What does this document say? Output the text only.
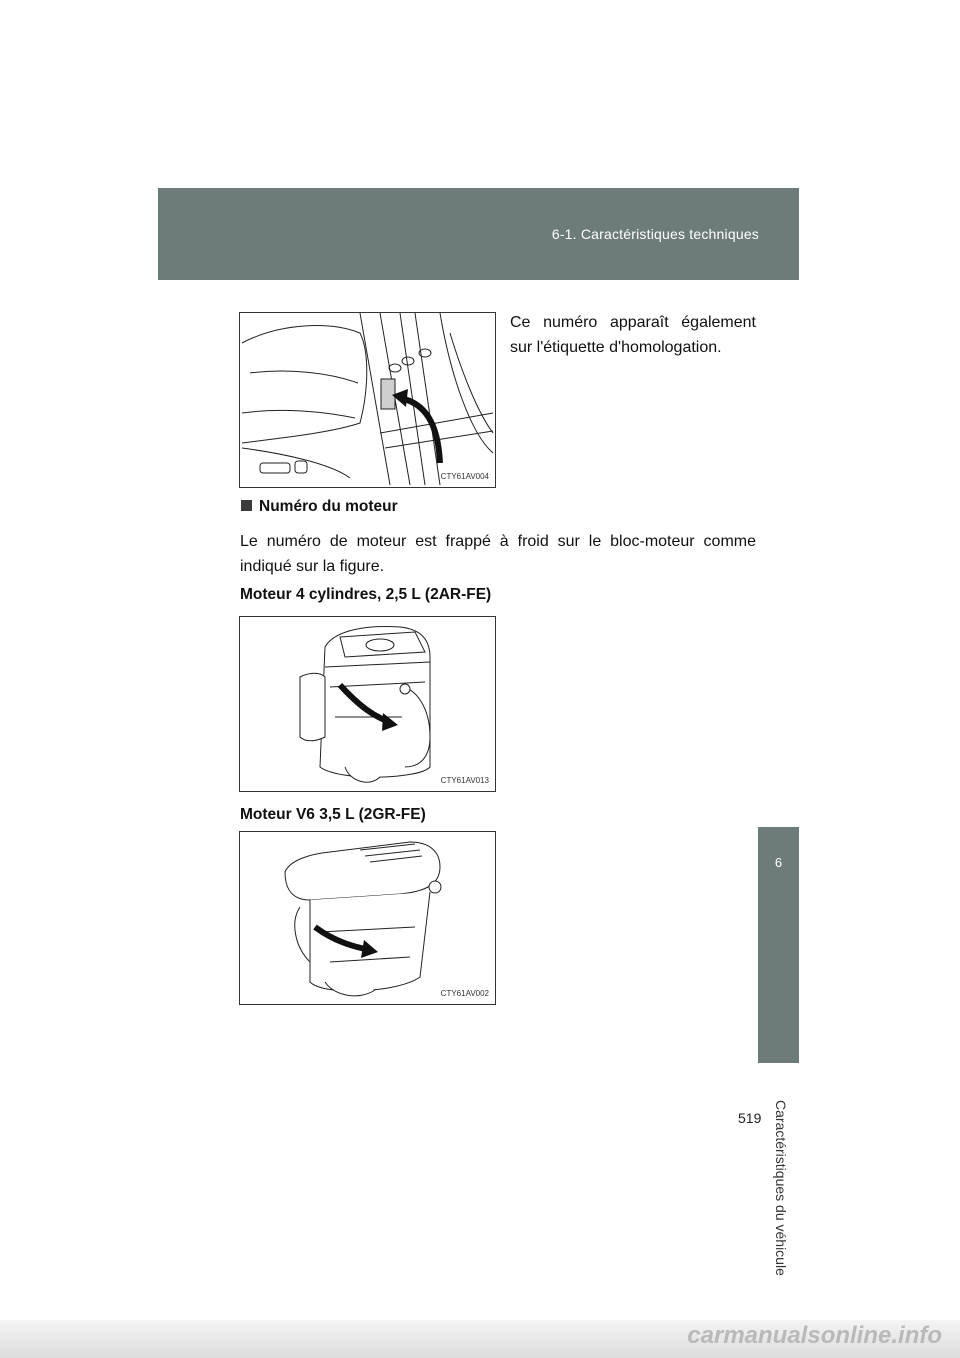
6-1. Caractéristiques techniques
6
Caractéristiques du véhicule
519
CTY61AV004
Ce numéro apparaît également sur l'étiquette d'homologation.
Numéro du moteur
Le numéro de moteur est frappé à froid sur le bloc-moteur comme indiqué sur la figure.
Moteur 4 cylindres, 2,5 L (2AR-FE)
CTY61AV013
Moteur V6 3,5 L (2GR-FE)
CTY61AV002
carmanualsonline.info
